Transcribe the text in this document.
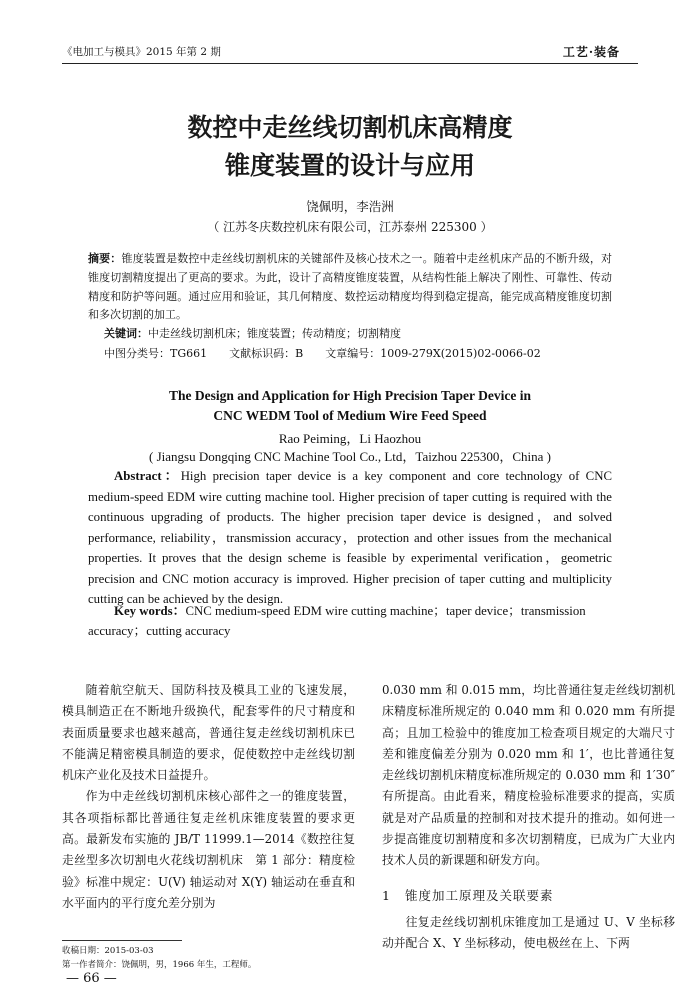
《电加工与模具》2015 年第 2 期	工艺·装备
数控中走丝线切割机床高精度
锥度装置的设计与应用
饶佩明，李浩洲
（ 江苏冬庆数控机床有限公司，江苏泰州 225300 ）
摘要：锥度装置是数控中走丝线切割机床的关键部件及核心技术之一。随着中走丝机床产品的不断升级，对锥度切割精度提出了更高的要求。为此，设计了高精度锥度装置，从结构性能上解决了刚性、可靠性、传动精度和防护等问题。通过应用和验证，其几何精度、数控运动精度均得到稳定提高，能完成高精度锥度切割和多次切割的加工。
关键词：中走丝线切割机床；锥度装置；传动精度；切割精度
中图分类号：TG661 文献标识码：B 文章编号：1009-279X(2015)02-0066-02
The Design and Application for High Precision Taper Device in
CNC WEDM Tool of Medium Wire Feed Speed
Rao Peiming，Li Haozhou
( Jiangsu Dongqing CNC Machine Tool Co., Ltd，Taizhou 225300，China )
Abstract：High precision taper device is a key component and core technology of CNC medium-speed EDM wire cutting machine tool. Higher precision of taper cutting is required with the continuous upgrading of products. The higher precision taper device is designed，and solved performance, reliability，transmission accuracy，protection and other issues from the mechanical properties. It proves that the design scheme is feasible by experimental verification，geometric precision and CNC motion accuracy is improved. Higher precision of taper cutting and multiplicity cutting can be achieved by the design.
Key words：CNC medium-speed EDM wire cutting machine；taper device；transmission accuracy；cutting accuracy

随着航空航天、国防科技及模具工业的飞速发展，模具制造正在不断地升级换代，配套零件的尺寸精度和表面质量要求也越来越高，普通往复走丝线切割机床已不能满足精密模具制造的要求，促使数控中走丝线切割机床产业化及技术日益提升。

作为中走丝线切割机床核心部件之一的锥度装置，其各项指标都比普通往复走丝机床锥度装置的要求更高。最新发布实施的 JB/T 11999.1—2014《数控往复走丝型多次切割电火花线切割机床　第 1 部分：精度检验》标准中规定：U(V) 轴运动对 X(Y) 轴运动在垂直和水平面内的平行度允差分别为

0.030 mm 和 0.015 mm，均比普通往复走丝线切割机床精度标准所规定的 0.040 mm 和 0.020 mm 有所提高；且加工检验中的锥度加工检查项目规定的大端尺寸差和锥度偏差分别为 0.020 mm 和 1′，也比普通往复走丝线切割机床精度标准所规定的 0.030 mm 和 1′30″有所提高。由此看来，精度检验标准要求的提高，实质就是对产品质量的控制和对技术提升的推动。如何进一步提高锥度切割精度和多次切割精度，已成为广大业内技术人员的新课题和研发方向。

1 锥度加工原理及关联要素

往复走丝线切割机床锥度加工是通过 U、V 坐标移动并配合 X、Y 坐标移动，使电极丝在上、下两

收稿日期：2015-03-03
第一作者简介：饶佩明，男，1966 年生，工程师。
— 66 —
